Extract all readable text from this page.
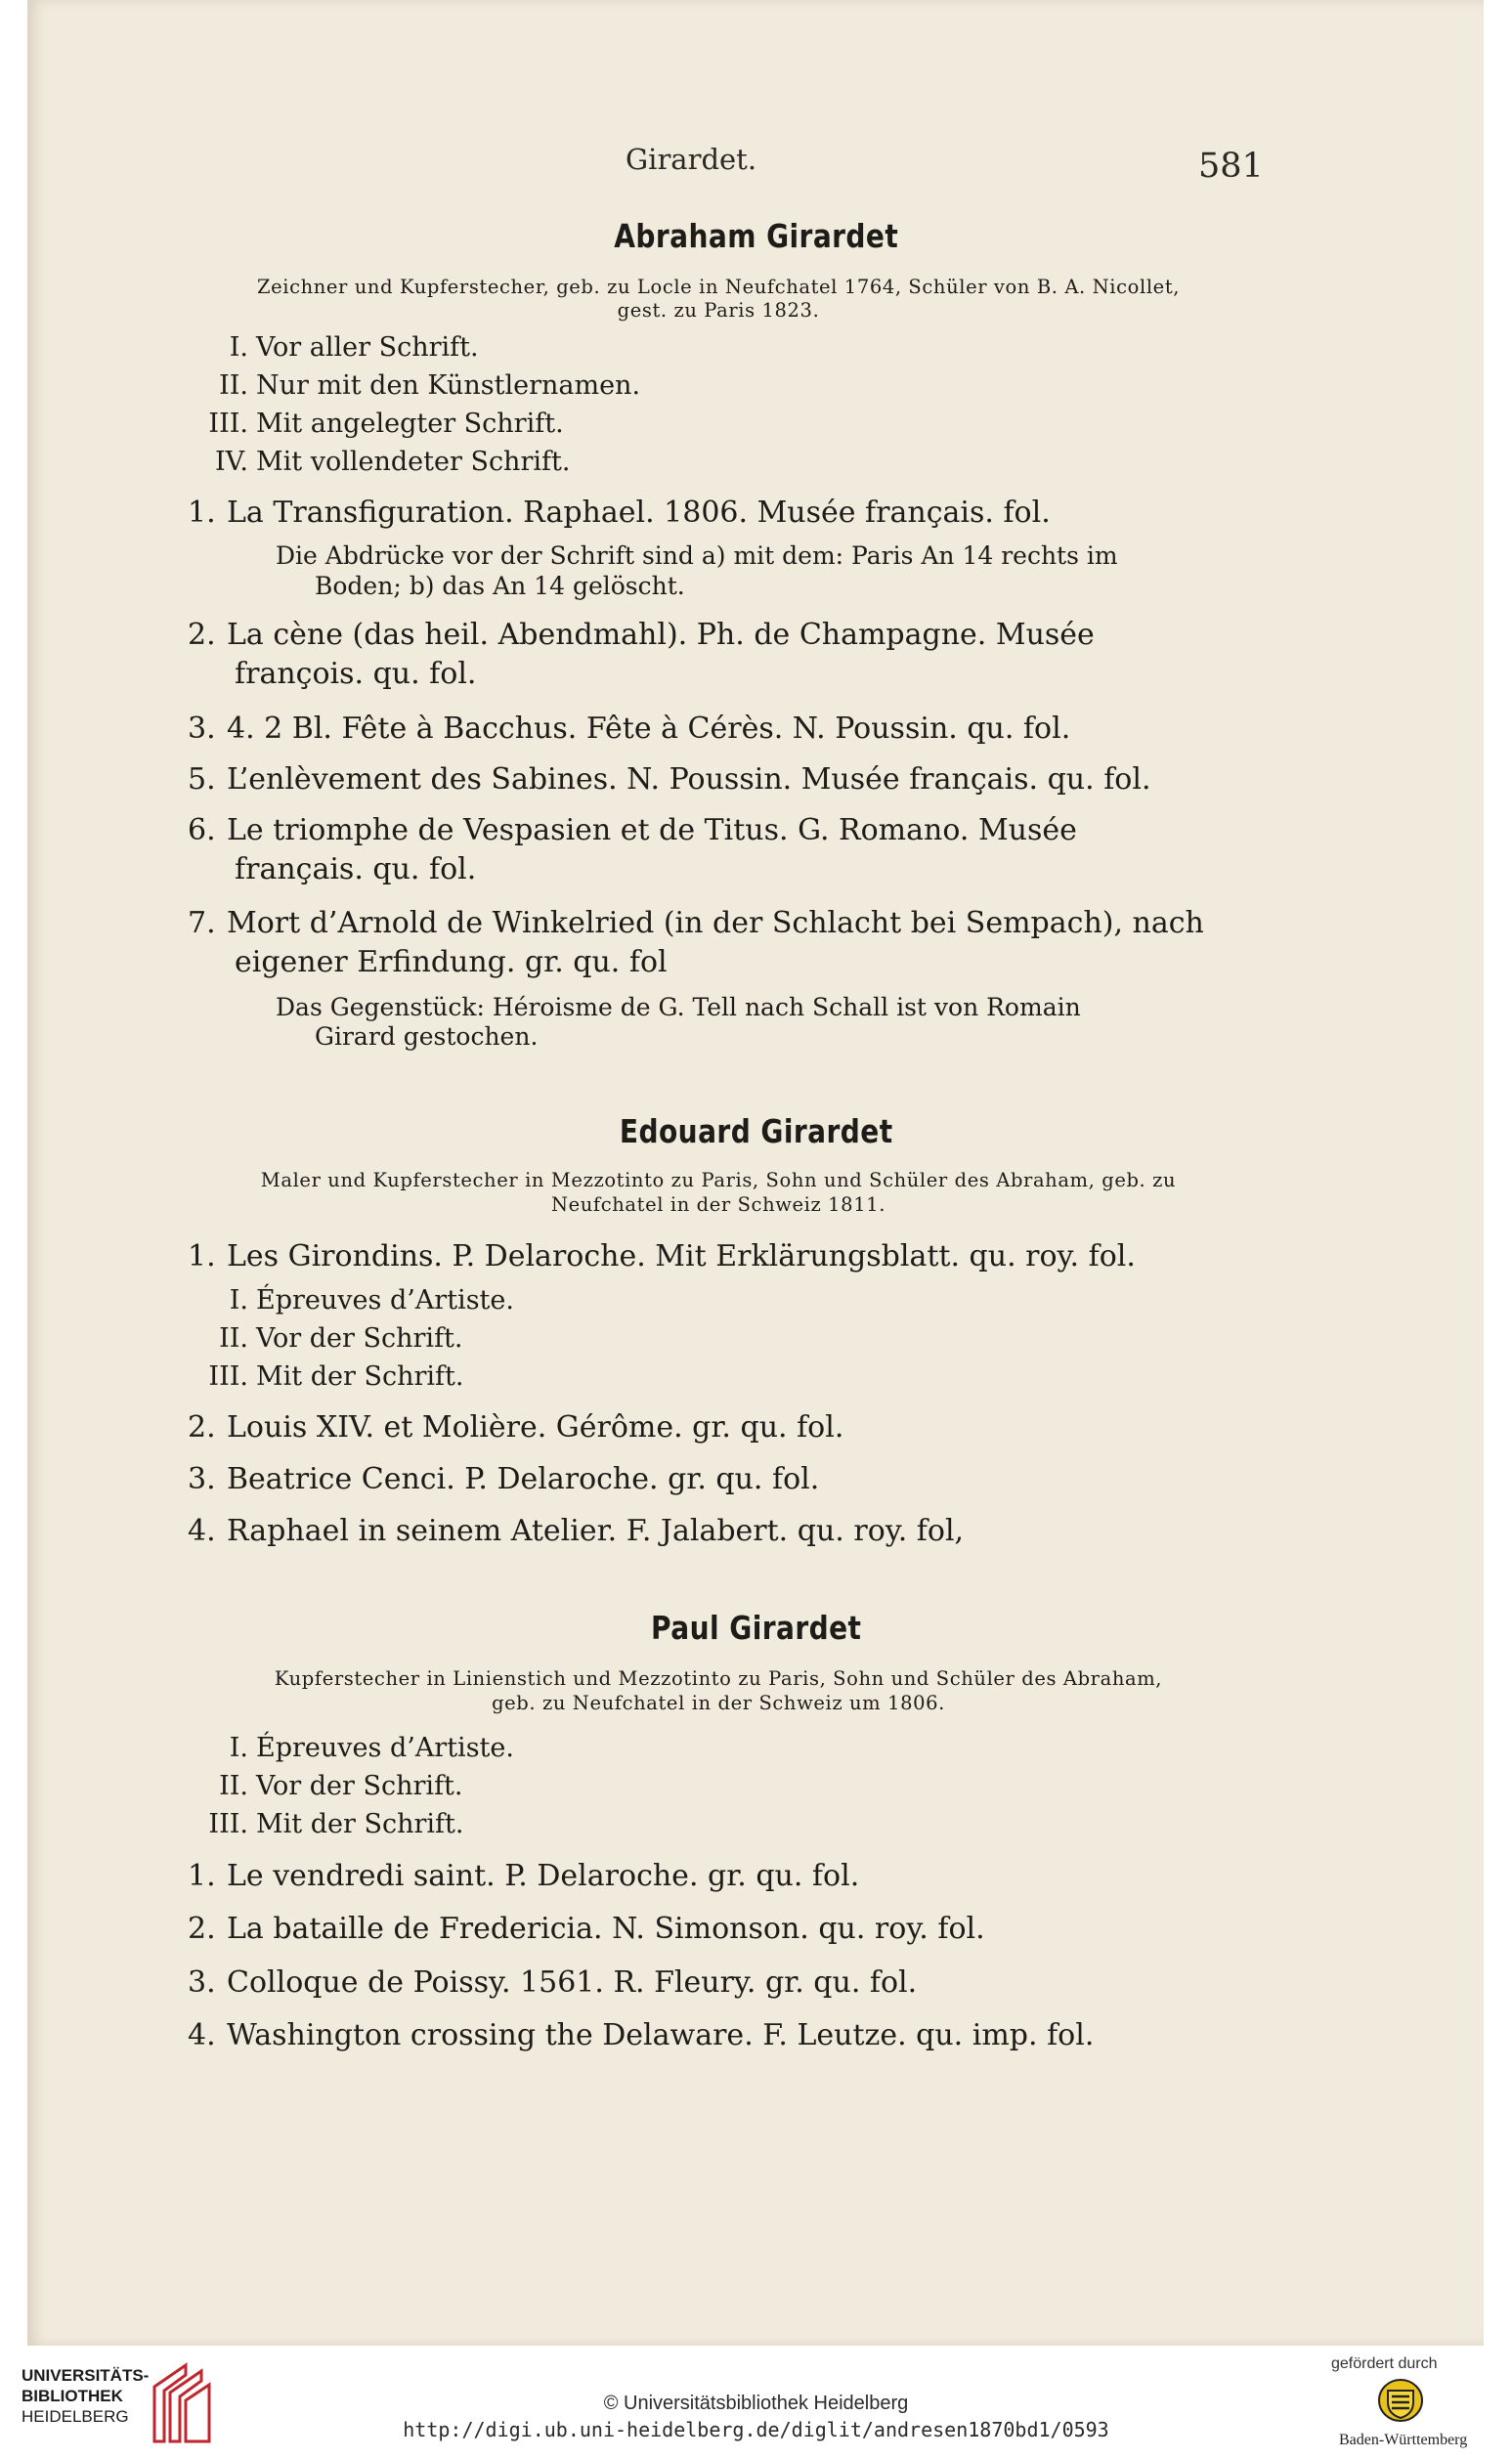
Girardet.	581
Abraham Girardet
Zeichner und Kupferstecher, geb. zu Locle in Neufchatel 1764, Schüler von B. A. Nicollet,
gest. zu Paris 1823.
I. Vor aller Schrift.
II. Nur mit den Künstlernamen.
III. Mit angelegter Schrift.
IV. Mit vollendeter Schrift.
1. La Transfiguration. Raphael. 1806. Musée français. fol.
Die Abdrücke vor der Schrift sind a) mit dem: Paris An 14 rechts im
Boden; b) das An 14 gelöscht.
2. La cène (das heil. Abendmahl). Ph. de Champagne. Musée
françois. qu. fol.
3. 4. 2 Bl. Fête à Bacchus. Fête à Cérès. N. Poussin. qu. fol.
5. L’enlèvement des Sabines. N. Poussin. Musée français. qu. fol.
6. Le triomphe de Vespasien et de Titus. G. Romano. Musée
français. qu. fol.
7. Mort d’Arnold de Winkelried (in der Schlacht bei Sempach), nach
eigener Erfindung. gr. qu. fol
Das Gegenstück: Héroisme de G. Tell nach Schall ist von Romain
Girard gestochen.
Edouard Girardet
Maler und Kupferstecher in Mezzotinto zu Paris, Sohn und Schüler des Abraham, geb. zu
Neufchatel in der Schweiz 1811.
1. Les Girondins. P. Delaroche. Mit Erklärungsblatt. qu. roy. fol.
I. Épreuves d’Artiste.
II. Vor der Schrift.
III. Mit der Schrift.
2. Louis XIV. et Molière. Gérôme. gr. qu. fol.
3. Beatrice Cenci. P. Delaroche. gr. qu. fol.
4. Raphael in seinem Atelier. F. Jalabert. qu. roy. fol,
Paul Girardet
Kupferstecher in Linienstich und Mezzotinto zu Paris, Sohn und Schüler des Abraham,
geb. zu Neufchatel in der Schweiz um 1806.
I. Épreuves d’Artiste.
II. Vor der Schrift.
III. Mit der Schrift.
1. Le vendredi saint. P. Delaroche. gr. qu. fol.
2. La bataille de Fredericia. N. Simonson. qu. roy. fol.
3. Colloque de Poissy. 1561. R. Fleury. gr. qu. fol.
4. Washington crossing the Delaware. F. Leutze. qu. imp. fol.
UNIVERSITÄTS-
BIBLIOTHEK
HEIDELBERG
© Universitätsbibliothek Heidelberg
http://digi.ub.uni-heidelberg.de/diglit/andresen1870bd1/0593
gefördert durch
Baden-Württemberg
